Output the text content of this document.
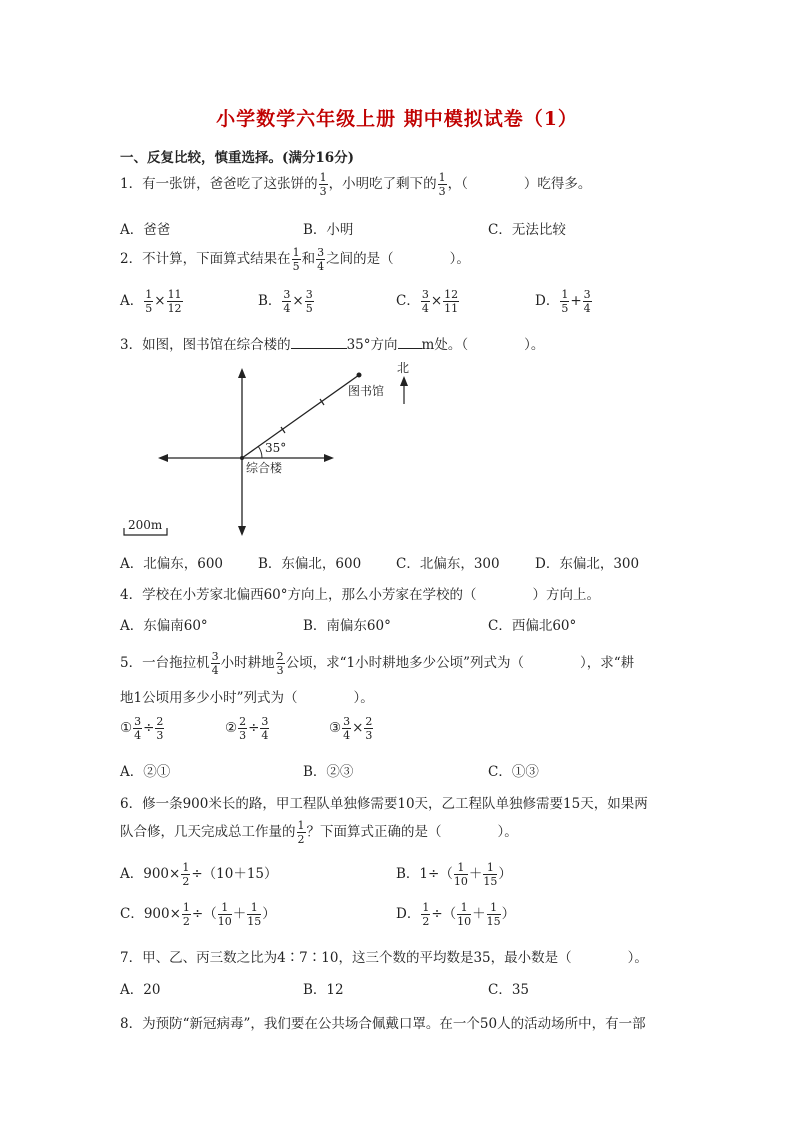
小学数学六年级上册 期中模拟试卷（1）
一、反复比较，慎重选择。(满分16分)
1．有一张饼，爸爸吃了这张饼的 $\frac{1}{3}$ ，小明吃了剩下的 $\frac{1}{3}$ ，（	）吃得多。
A．爸爸	B．小明	C．无法比较
2．不计算，下面算式结果在 $\frac{1}{5}$ 和 $\frac{3}{4}$ 之间的是（	）。
A． $\frac{1}{5} \times \frac{11}{12}$	B． $\frac{3}{4} \times \frac{3}{5}$	C． $\frac{3}{4} \times \frac{12}{11}$	D． $\frac{1}{5} + \frac{3}{4}$
3．如图，图书馆在综合楼的	35°方向 m处。（	）。
35°
图书馆
综合楼
北
200m
A．北偏东，600	B．东偏北，600	C．北偏东，300	D．东偏北，300
4．学校在小芳家北偏西60°方向上，那么小芳家在学校的（	）方向上。
A．东偏南60°	B．南偏东60°	C．西偏北60°
5．一台拖拉机 $\frac{3}{4}$ 小时耕地 $\frac{2}{3}$ 公顷，求“1小时耕地多少公顷”列式为（	），求“耕
地1公顷用多少小时”列式为（	）。
① $\frac{3}{4} \div \frac{2}{3}$	② $\frac{2}{3} \div \frac{3}{4}$	③ $\frac{3}{4} \times \frac{2}{3}$
A．②①	B．②③	C．①③
6．修一条900米长的路，甲工程队单独修需要10天，乙工程队单独修需要15天，如果两
队合修，几天完成总工作量的 $\frac{1}{2}$ ？下面算式正确的是（	）。
A．$900\times \frac{1}{2} \div(10+15)$	B．$1\div( \frac{1}{10} + \frac{1}{15}$ ）
C．$900\times \frac{1}{2}$ ÷（ $\frac{1}{10} + \frac{1}{15}$ ）	D． $\frac{1}{2}$ ÷（ $\frac{1}{10} + \frac{1}{15}$ ）
7．甲、乙、丙三数之比为4∶7∶10，这三个数的平均数是35，最小数是（	）。
A．20	B．12	C．35
8．为预防“新冠病毒”，我们要在公共场合佩戴口罩。在一个50人的活动场所中，有一部
